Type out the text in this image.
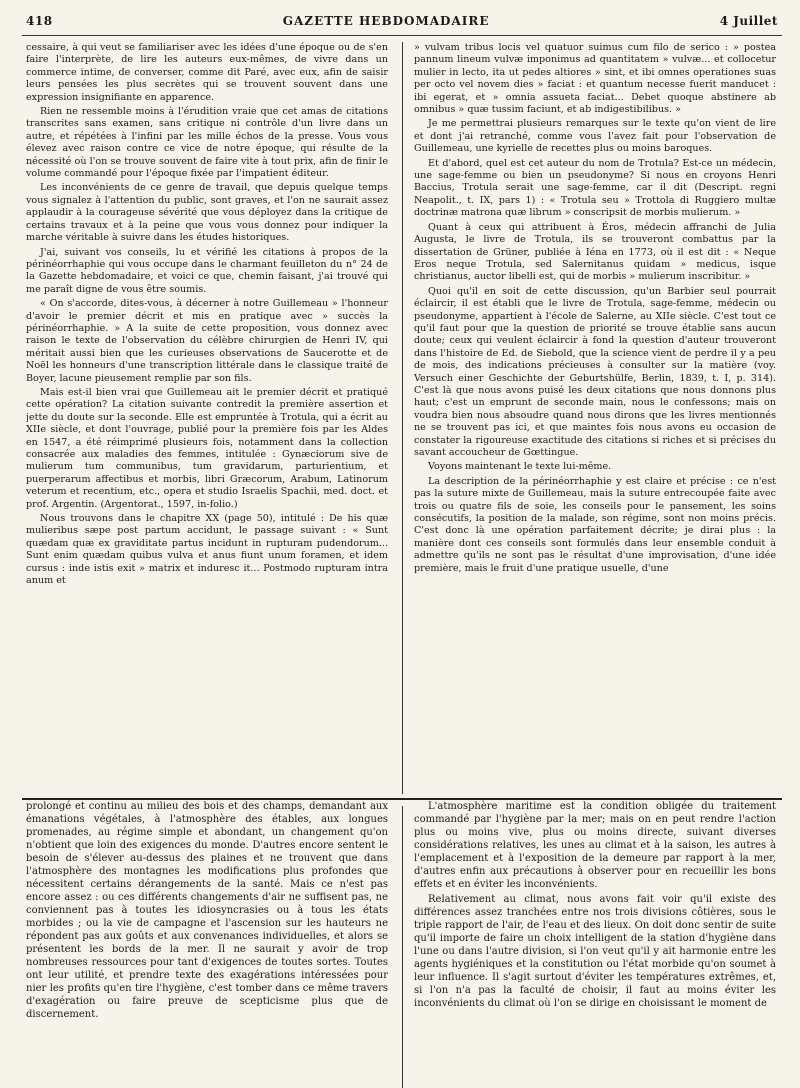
418	GAZETTE HEBDOMADAIRE	4 Juillet

cessaire, à qui veut se familiariser avec les idées d'une époque ou de s'en faire l'interprète, de lire les auteurs eux-mêmes, de vivre dans un commerce intime, de converser, comme dit Paré, avec eux, afin de saisir leurs pensées les plus secrètes qui se trouvent souvent dans une expression insignifiante en apparence.

Rien ne ressemble moins à l'érudition vraie que cet amas de citations transcrites sans examen, sans critique ni contrôle d'un livre dans un autre, et répétées à l'infini par les mille échos de la presse. Vous vous élevez avec raison contre ce vice de notre époque, qui résulte de la nécessité où l'on se trouve souvent de faire vite à tout prix, afin de finir le volume commandé pour l'époque fixée par l'impatient éditeur.

Les inconvénients de ce genre de travail, que depuis quelque temps vous signalez à l'attention du public, sont graves, et l'on ne saurait assez applaudir à la courageuse sévérité que vous déployez dans la critique de certains travaux et à la peine que vous vous donnez pour indiquer la marche véritable à suivre dans les études historiques.

J'ai, suivant vos conseils, lu et vérifié les citations à propos de la périnéorrhaphie qui vous occupe dans le charmant feuilleton du n° 24 de la Gazette hebdomadaire, et voici ce que, chemin faisant, j'ai trouvé qui me paraît digne de vous être soumis.

« On s'accorde, dites-vous, à décerner à notre Guillemeau » l'honneur d'avoir le premier décrit et mis en pratique avec » succès la périnéorrhaphie. » A la suite de cette proposition, vous donnez avec raison le texte de l'observation du célèbre chirurgien de Henri IV, qui méritait aussi bien que les curieuses observations de Saucerotte et de Noël les honneurs d'une transcription littérale dans le classique traité de Boyer, lacune pieusement remplie par son fils.

Mais est-il bien vrai que Guillemeau ait le premier décrit et pratiqué cette opération? La citation suivante contredit la première assertion et jette du doute sur la seconde. Elle est empruntée à Trotula, qui a écrit au XIIe siècle, et dont l'ouvrage, publié pour la première fois par les Aldes en 1547, a été réimprimé plusieurs fois, notamment dans la collection consacrée aux maladies des femmes, intitulée : Gynæciorum sive de mulierum tum communibus, tum gravidarum, parturientium, et puerperarum affectibus et morbis, libri Græcorum, Arabum, Latinorum veterum et recentium, etc., opera et studio Israelis Spachii, med. doct. et prof. Argentin. (Argentorat., 1597, in-folio.)

Nous trouvons dans le chapitre XX (page 50), intitulé : De his quæ mulieribus sæpe post partum accidunt, le passage suivant : « Sunt quædam quæ ex graviditate partus incidunt in rupturam pudendorum... Sunt enim quædam quibus vulva et anus fiunt unum foramen, et idem cursus : inde istis exit » matrix et induresc it... Postmodo rupturam intra anum et

» vulvam tribus locis vel quatuor suimus cum filo de serico : » postea pannum lineum vulvæ imponimus ad quantitatem » vulvæ... et collocetur mulier in lecto, ita ut pedes altiores » sint, et ibi omnes operationes suas per octo vel novem dies » faciat : et quantum necesse fuerit manducet : ibi egerat, et » omnia assueta faciat... Debet quoque abstinere ab omnibus » quæ tussim faciunt, et ab indigestibilibus. »

Je me permettrai plusieurs remarques sur le texte qu'on vient de lire et dont j'ai retranché, comme vous l'avez fait pour l'observation de Guillemeau, une kyrielle de recettes plus ou moins baroques.

Et d'abord, quel est cet auteur du nom de Trotula? Est-ce un médecin, une sage-femme ou bien un pseudonyme? Si nous en croyons Henri Baccius, Trotula serait une sage-femme, car il dit (Descript. regni Neapolit., t. IX, pars 1) : « Trotula seu » Trottola di Ruggiero multæ doctrinæ matrona quæ librum » conscripsit de morbis mulierum. »

Quant à ceux qui attribuent à Éros, médecin affranchi de Julia Augusta, le livre de Trotula, ils se trouveront combattus par la dissertation de Grüner, publiée à Iéna en 1773, où il est dit : « Neque Eros neque Trotula, sed Salernitanus quidam » medicus, isque christianus, auctor libelli est, qui de morbis » mulierum inscribitur. »

Quoi qu'il en soit de cette discussion, qu'un Barbier seul pourrait éclaircir, il est établi que le livre de Trotula, sage-femme, médecin ou pseudonyme, appartient à l'école de Salerne, au XIIe siècle. C'est tout ce qu'il faut pour que la question de priorité se trouve établie sans aucun doute; ceux qui veulent éclaircir à fond la question d'auteur trouveront dans l'histoire de Ed. de Siebold, que la science vient de perdre il y a peu de mois, des indications précieuses à consulter sur la matière (voy. Versuch einer Geschichte der Geburtshülfe, Berlin, 1839, t. I, p. 314). C'est là que nous avons puisé les deux citations que nous donnons plus haut; c'est un emprunt de seconde main, nous le confessons; mais on voudra bien nous absoudre quand nous dirons que les livres mentionnés ne se trouvent pas ici, et que maintes fois nous avons eu occasion de constater la rigoureuse exactitude des citations si riches et si précises du savant accoucheur de Gœttingue.

Voyons maintenant le texte lui-même.

La description de la périnéorrhaphie y est claire et précise : ce n'est pas la suture mixte de Guillemeau, mais la suture entrecoupée faite avec trois ou quatre fils de soie, les conseils pour le pansement, les soins consécutifs, la position de la malade, son régime, sont non moins précis. C'est donc là une opération parfaitement décrite; je dirai plus : la manière dont ces conseils sont formulés dans leur ensemble conduit à admettre qu'ils ne sont pas le résultat d'une improvisation, d'une idée première, mais le fruit d'une pratique usuelle, d'une

prolongé et continu au milieu des bois et des champs, demandant aux émanations végétales, à l'atmosphère des étables, aux longues promenades, au régime simple et abondant, un changement qu'on n'obtient que loin des exigences du monde. D'autres encore sentent le besoin de s'élever au-dessus des plaines et ne trouvent que dans l'atmosphère des montagnes les modifications plus profondes que nécessitent certains dérangements de la santé. Mais ce n'est pas encore assez : ou ces différents changements d'air ne suffisent pas, ne conviennent pas à toutes les idiosyncrasies ou à tous les états morbides ; ou la vie de campagne et l'ascension sur les hauteurs ne répondent pas aux goûts et aux convenances individuelles, et alors se présentent les bords de la mer. Il ne saurait y avoir de trop nombreuses ressources pour tant d'exigences de toutes sortes. Toutes ont leur utilité, et prendre texte des exagérations intéressées pour nier les profits qu'en tire l'hygiène, c'est tomber dans ce même travers d'exagération ou faire preuve de scepticisme plus que de discernement.

L'atmosphère maritime est la condition obligée du traitement commandé par l'hygiène par la mer; mais on en peut rendre l'action plus ou moins vive, plus ou moins directe, suivant diverses considérations relatives, les unes au climat et à la saison, les autres à l'emplacement et à l'exposition de la demeure par rapport à la mer, d'autres enfin aux précautions à observer pour en recueillir les bons effets et en éviter les inconvénients.

Relativement au climat, nous avons fait voir qu'il existe des différences assez tranchées entre nos trois divisions côtières, sous le triple rapport de l'air, de l'eau et des lieux. On doit donc sentir de suite qu'il importe de faire un choix intelligent de la station d'hygiène dans l'une ou dans l'autre division, si l'on veut qu'il y ait harmonie entre les agents hygiéniques et la constitution ou l'état morbide qu'on soumet à leur influence. Il s'agit surtout d'éviter les températures extrêmes, et, si l'on n'a pas la faculté de choisir, il faut au moins éviter les inconvénients du climat où l'on se dirige en choisissant le moment de
